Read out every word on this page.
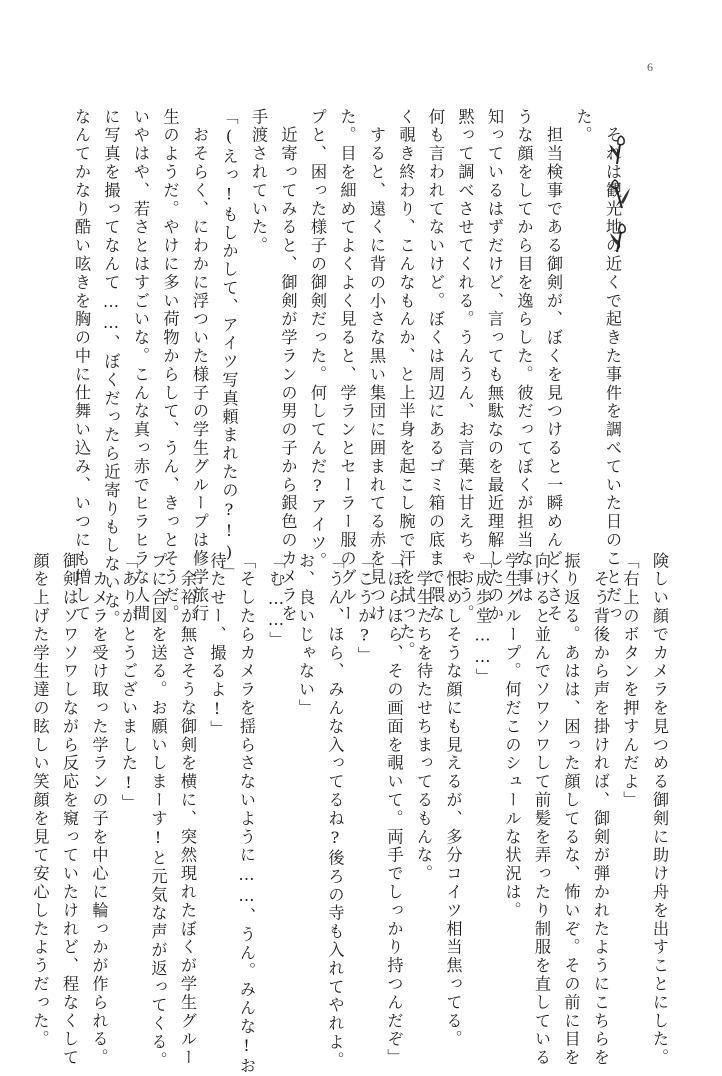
6

　それは観光地の近くで起きた事件を調べていた日のことだっ

た。

　担当検事である御剣が、ぼくを見つけると一瞬めんどくさそ

うな顔をしてから目を逸らした。彼だってぼくが担当な事は

知っているはずだけど、言っても無駄なのを最近理解したのか

黙って調べさせてくれる。うんうん、お言葉に甘えちゃおう。

何も言われてないけど。ぼくは周辺にあるゴミ箱の底まで隈な

く覗き終わり、こんなもんか、と上半身を起こし腕で汗を拭った。

　すると、遠くに背の小さな黒い集団に囲まれてる赤を見つけ

た。目を細めてよくよく見ると、学ランとセーラー服のグルー

プと、困った様子の御剣だった。何してんだ?アイツ。

　近寄ってみると、御剣が学ランの男の子から銀色のカメラを

手渡されていた。

「(えっ!もしかして、アイツ写真頼まれたの?!)」

　おそらく、にわかに浮ついた様子の学生グループは修学旅行

生のようだ。やけに多い荷物からして、うん、きっとそうだ。

いやはや、若さとはすごいな。こんな真っ赤でヒラヒラな人間

に写真を撮ってなんて……、ぼくだったら近寄りもしないな。

なんてかなり酷い呟きを胸の中に仕舞い込み、いつにも増して

険しい顔でカメラを見つめる御剣に助け舟を出すことにした。

「右上のボタンを押すんだよ」

　そう背後から声を掛ければ、御剣が弾かれたようにこちらを

振り返る。あはは、困った顔してるな、怖いぞ。その前に目を

向けると並んでソワソワして前髪を弄ったり制服を直している

学生グループ。何だこのシュールな状況は。

「成歩堂……」

　恨めしそうな顔にも見えるが、多分コイツ相当焦ってる。

　学生たちを待たせちまってるもんな。

「ほらほら、その画面を覗いて。両手でしっかり持つんだぞ」

「こうか?」

「うん、ほら、みんな入ってるね?後ろの寺も入れてやれよ。

お、良いじゃない」

「む……」

「そしたらカメラを揺らさないように……、うん。みんな!お

待たせー、撮るよ!」

　余裕が無さそうな御剣を横に、突然現れたぼくが学生グルー

プに合図を送る。お願いしまーす!と元気な声が返ってくる。

「ありがとうございました!」

　カメラを受け取った学ランの子を中心に輪っかが作られる。

御剣はソワソワしながら反応を窺っていたけれど、程なくして

顔を上げた学生達の眩しい笑顔を見て安心したようだった。
